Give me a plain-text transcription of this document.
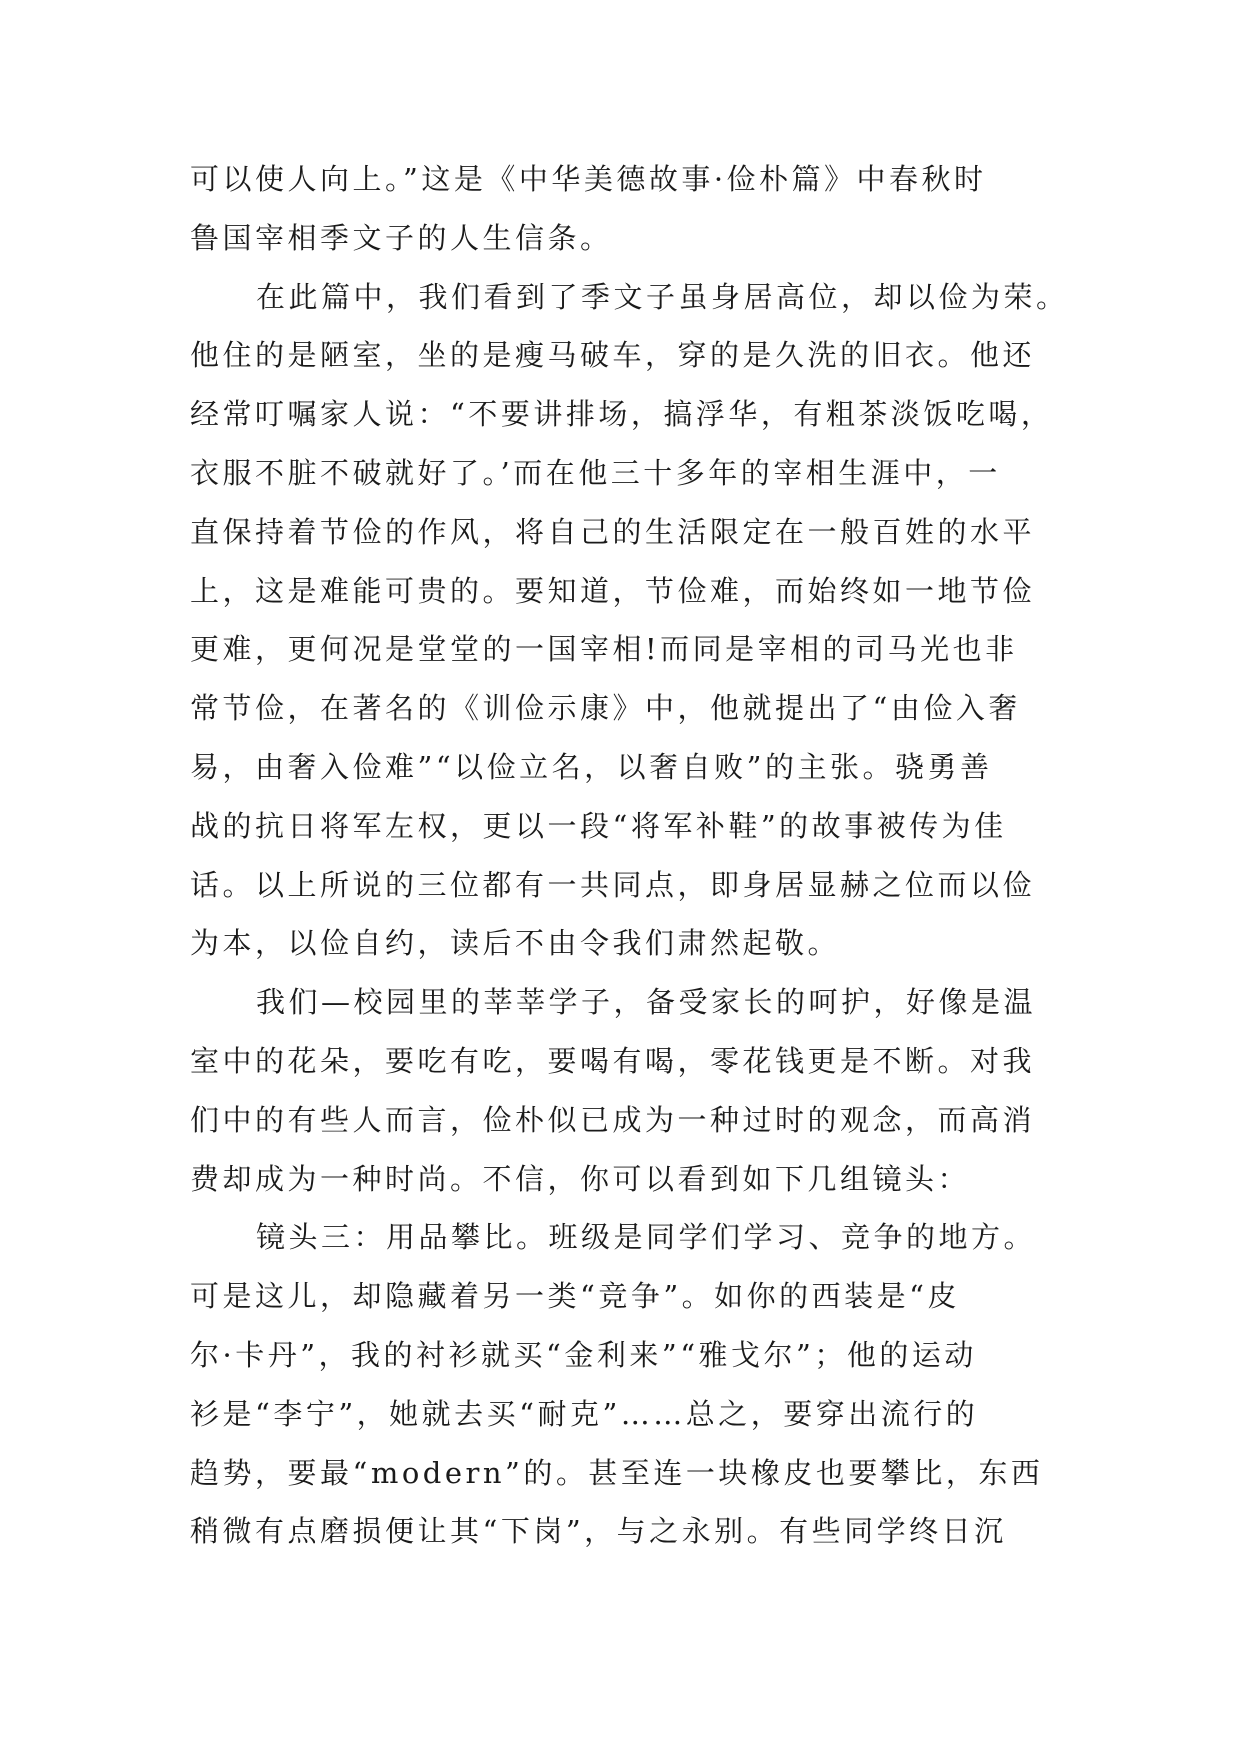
可以使人向上。”这是《中华美德故事·俭朴篇》中春秋时
鲁国宰相季文子的人生信条。
在此篇中，我们看到了季文子虽身居高位，却以俭为荣。
他住的是陋室，坐的是瘦马破车，穿的是久洗的旧衣。他还
经常叮嘱家人说：“不要讲排场，搞浮华，有粗茶淡饭吃喝，
衣服不脏不破就好了。’而在他三十多年的宰相生涯中，一
直保持着节俭的作风，将自己的生活限定在一般百姓的水平
上，这是难能可贵的。要知道，节俭难，而始终如一地节俭
更难，更何况是堂堂的一国宰相!而同是宰相的司马光也非
常节俭，在著名的《训俭示康》中，他就提出了“由俭入奢
易，由奢入俭难”“以俭立名，以奢自败”的主张。骁勇善
战的抗日将军左权，更以一段“将军补鞋”的故事被传为佳
话。以上所说的三位都有一共同点，即身居显赫之位而以俭
为本，以俭自约，读后不由令我们肃然起敬。
我们—校园里的莘莘学子，备受家长的呵护，好像是温
室中的花朵，要吃有吃，要喝有喝，零花钱更是不断。对我
们中的有些人而言，俭朴似已成为一种过时的观念，而高消
费却成为一种时尚。不信，你可以看到如下几组镜头：
镜头三：用品攀比。班级是同学们学习、竞争的地方。
可是这儿，却隐藏着另一类“竞争”。如你的西装是“皮
尔·卡丹”，我的衬衫就买“金利来”“雅戈尔”；他的运动
衫是“李宁”，她就去买“耐克”……总之，要穿出流行的
趋势，要最“modern”的。甚至连一块橡皮也要攀比，东西
稍微有点磨损便让其“下岗”，与之永别。有些同学终日沉
